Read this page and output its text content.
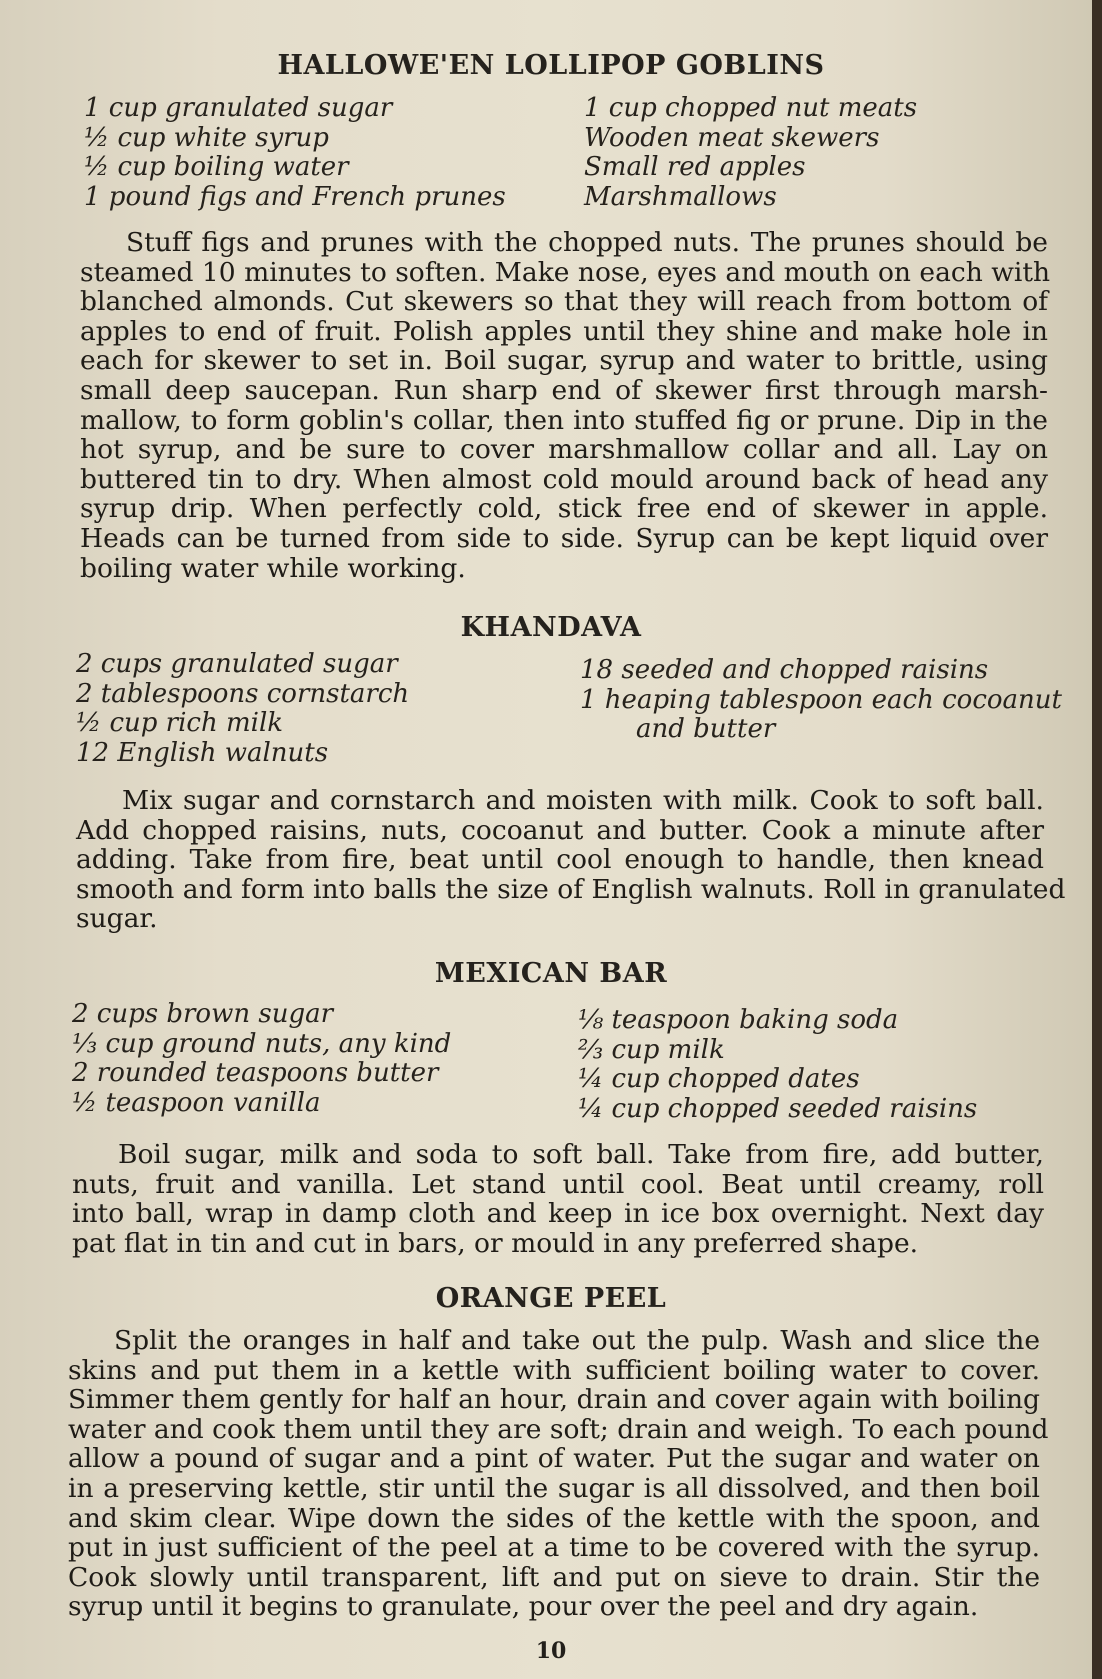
HALLOWE'EN LOLLIPOP GOBLINS
1 cup granulated sugar
½ cup white syrup
½ cup boiling water
1 pound figs and French prunes
1 cup chopped nut meats
Wooden meat skewers
Small red apples
Marshmallows
Stuff figs and prunes with the chopped nuts. The prunes should be
steamed 10 minutes to soften. Make nose, eyes and mouth on each with
blanched almonds. Cut skewers so that they will reach from bottom of
apples to end of fruit. Polish apples until they shine and make hole in
each for skewer to set in. Boil sugar, syrup and water to brittle, using
small deep saucepan. Run sharp end of skewer first through marsh-
mallow, to form goblin's collar, then into stuffed fig or prune. Dip in the
hot syrup, and be sure to cover marshmallow collar and all. Lay on
buttered tin to dry. When almost cold mould around back of head any
syrup drip. When perfectly cold, stick free end of skewer in apple.
Heads can be turned from side to side. Syrup can be kept liquid over
boiling water while working.
KHANDAVA
2 cups granulated sugar
2 tablespoons cornstarch
½ cup rich milk
12 English walnuts
18 seeded and chopped raisins
1 heaping tablespoon each cocoanut
and butter
Mix sugar and cornstarch and moisten with milk. Cook to soft ball.
Add chopped raisins, nuts, cocoanut and butter. Cook a minute after
adding. Take from fire, beat until cool enough to handle, then knead
smooth and form into balls the size of English walnuts. Roll in granulated
sugar.
MEXICAN BAR
2 cups brown sugar
⅓ cup ground nuts, any kind
2 rounded teaspoons butter
½ teaspoon vanilla
⅛ teaspoon baking soda
⅔ cup milk
¼ cup chopped dates
¼ cup chopped seeded raisins
Boil sugar, milk and soda to soft ball. Take from fire, add butter,
nuts, fruit and vanilla. Let stand until cool. Beat until creamy, roll
into ball, wrap in damp cloth and keep in ice box overnight. Next day
pat flat in tin and cut in bars, or mould in any preferred shape.
ORANGE PEEL
Split the oranges in half and take out the pulp. Wash and slice the
skins and put them in a kettle with sufficient boiling water to cover.
Simmer them gently for half an hour, drain and cover again with boiling
water and cook them until they are soft; drain and weigh. To each pound
allow a pound of sugar and a pint of water. Put the sugar and water on
in a preserving kettle, stir until the sugar is all dissolved, and then boil
and skim clear. Wipe down the sides of the kettle with the spoon, and
put in just sufficient of the peel at a time to be covered with the syrup.
Cook slowly until transparent, lift and put on sieve to drain. Stir the
syrup until it begins to granulate, pour over the peel and dry again.
10
